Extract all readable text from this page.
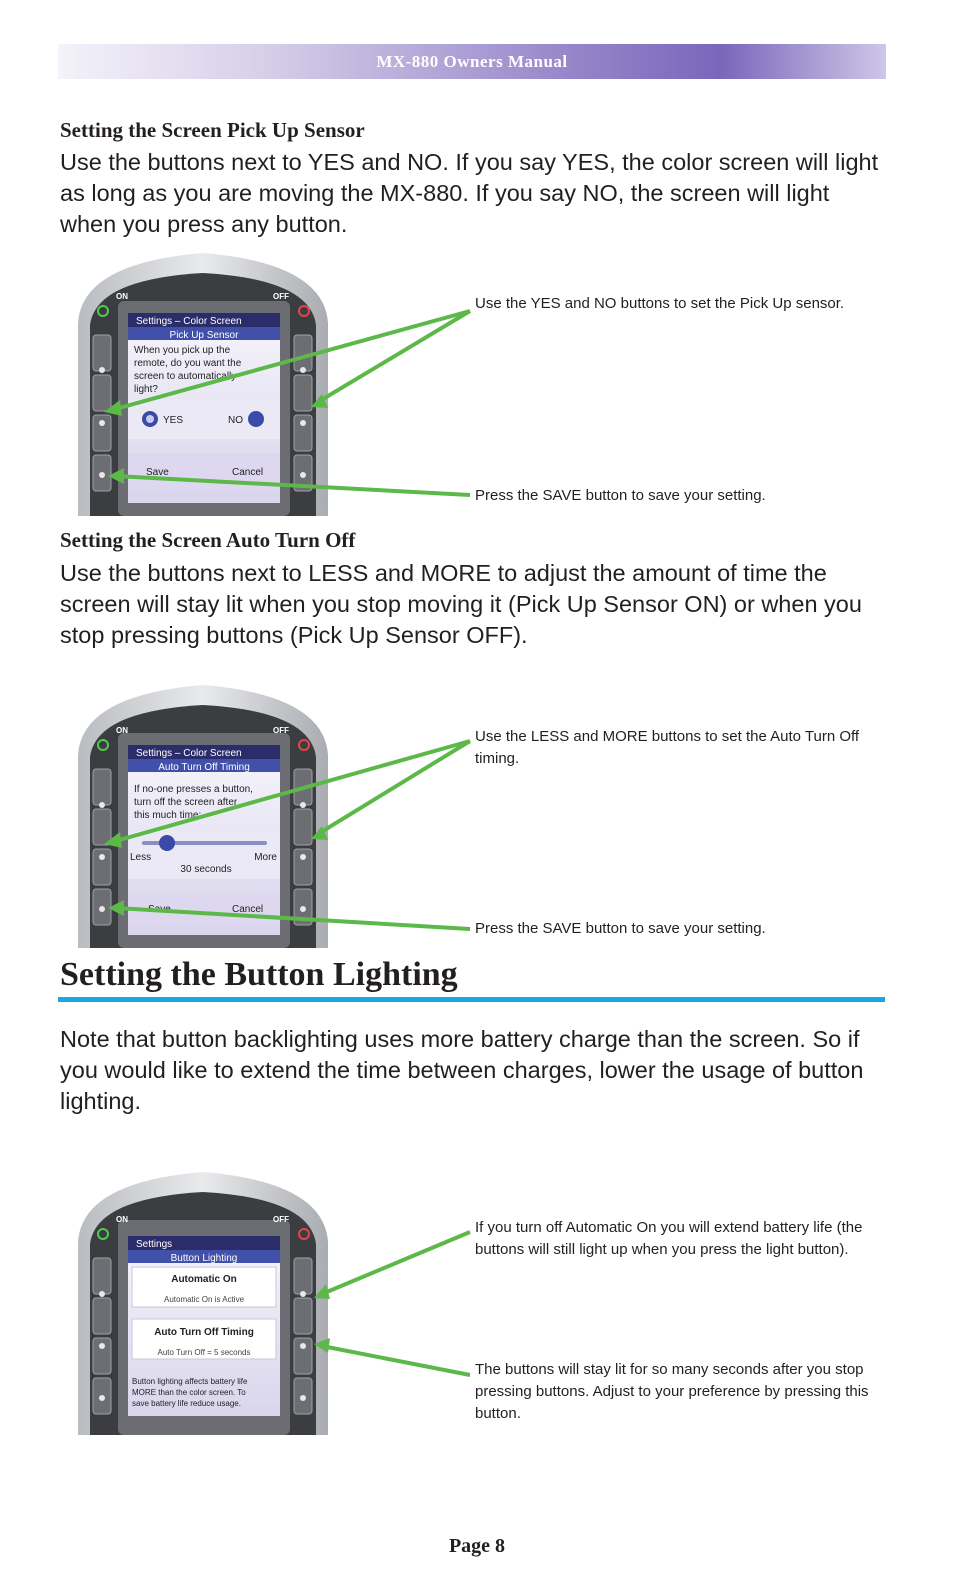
MX-880 Owners Manual
Setting the Screen Pick Up Sensor
Use the buttons next to YES and NO. If you say YES, the color screen will light as long as you are moving the MX-880. If you say NO, the screen will light when you press any button.
Settings – Color Screen
Pick Up Sensor
When you pick up the
remote, do you want the
screen to automatically
light?
YES	NO
Save	Cancel
ON	OFF	Use the YES and NO buttons to set the Pick Up sensor.
Press the SAVE button to save your setting.
Setting the Screen Auto Turn Off
Use the buttons next to LESS and MORE to adjust the amount of time the screen will stay lit when you stop moving it (Pick Up Sensor ON) or when you stop pressing buttons (Pick Up Sensor OFF).
Settings – Color Screen
Auto Turn Off Timing
If no-one presses a button,
turn off the screen after
this much time:
Less	More
30 seconds
Save	Cancel
ON	OFF	Use the LESS and MORE buttons to set the Auto Turn Off timing.
Press the SAVE button to save your setting.
Setting the Button Lighting
Note that button backlighting uses more battery charge than the screen. So if you would like to extend the time between charges, lower the usage of button lighting.
Settings
Button Lighting
Automatic On
Automatic On is Active
Auto Turn Off Timing
Auto Turn Off = 5 seconds
Button lighting affects battery life
MORE than the color screen. To
save battery life reduce usage.
ON	OFF	If you turn off Automatic On you will extend battery life (the buttons will still light up when you press the light button).
The buttons will stay lit for so many seconds after you stop pressing buttons. Adjust to your preference by pressing this button.
Page 8
